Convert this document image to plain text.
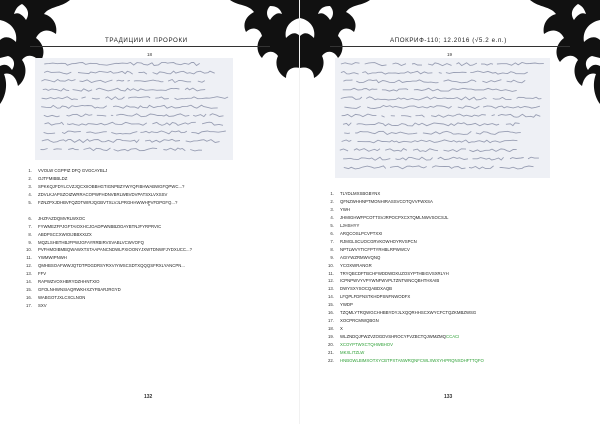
ТРАДИЦИИ И ПРОРОКИ
18
1. VVOLW CGPPIZ DFQ GVGCAYBLJ
2. OJTFMIBBLDZ
3. SPKKQJFDYLCVZJQCXIIOBBHGTIGNPBZYWYQFIBHWABWGFQPWC...?
4. ZDVLKJAPSZOIZWRRACOPWFHDNVBRLWBVDVPATSXLVXSSV
5. FZNZPXJDHBVFQZDTWIRJQGBVTXLVJLPRGHHWWHPVFDPGFQ...?
6. JHZFAZDQMVRLWXOC
7. FYWMEZFPJGFTAIOXHCJOADPWNBBZIOAYBTNJFYRPRVIC
8. ABDPSCCXWIOIJBBXXIZX
9. MQZLSHBTHBJFPWJGFAYRRBIRVSVABLVCWVOFQ
10. PVFHMOIBMBQWAWXTSTAAPANCNDWLPXIOONYJXWTDNWFJYDXUCC...?
11. YWMWIPNWH
12. QMHBSOAFWWJQTDTPDGDRSYRXVIYWSCSDTXQQQSFRXLYANCPN...
13. FFV
14. RAPWZVOXHBRYDZHHNTXIO
15. GFOLNHWNSIAQRWKHXZYFBARJRGYD
16. WABGOTJXLCXCLNON
17. SXV
*
132
АПОКРИФ-110; 12.2016 (√5.2 е.п.)
19
1. TLYDLMXSBGBYNX
2. QFNZWHHNPTMONHIRASSVCOTQVVFWXSA
3. YWH
4. JHMIGHWFPCOTTSVJRPOCPXCXTQMLNWVSOCSJL
5. LJHSHYY
6. ARQCOSLPCVPTXXI
7. RJMGLSCUOCGRVKOWHOYRVSPCN
8. NPTLWVYTICFPTYRHBLRPWWCV
9. AGIYWZRMWVQNQ
10. YCOXWRANGR
11. TRYQBCDFTBCHFWDDWDXUZOSYPTHBIGVSXRLYH
12. ICPNPWVYVPYWNFWVPLTZNTWNCQBHTHXAIB
13. DWYSXYSOCQABDXAQB
14. LFQPLFDFNSTKHDPSNFNWODFX
15. YWDP
16. TZQMLYTRQWGCHHBBYDYJLXQQRHHSCXWYCFCTQZKMBZWSG
17. XOCPRCMWQBGN
18. X
19. WLZNDQJFWZVZOGDVSHROCYFVZBCTQJWMZMQCCACI
20. XCOYPTWXCTQHWBHOV
21. MKXLITZLW
22. HNBGWLBIMXOTXYCBTPXTANWRQNFCWLXWXYHPRQNXDHFTTQFO
133
